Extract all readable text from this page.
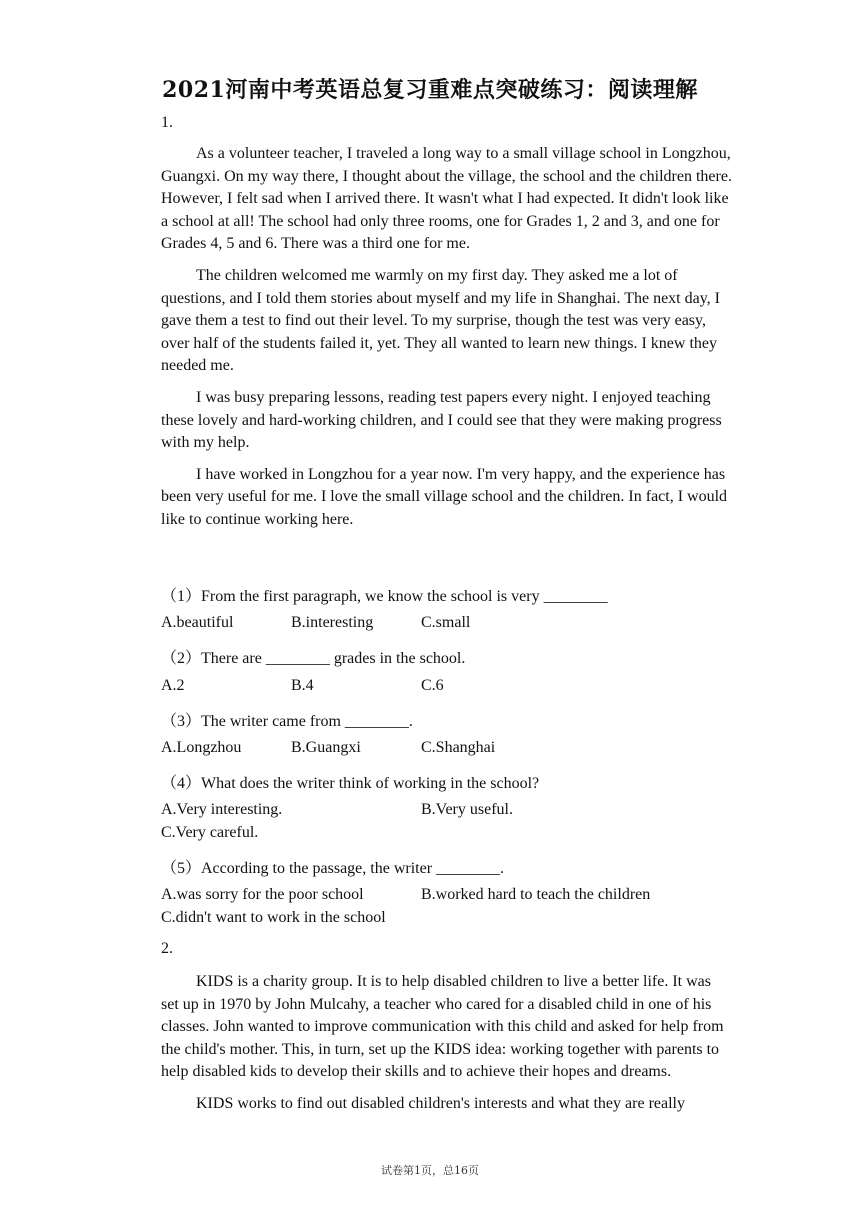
2021河南中考英语总复习重难点突破练习：阅读理解
1.

As a volunteer teacher, I traveled a long way to a small village school in Longzhou, Guangxi. On my way there, I thought about the village, the school and the children there. However, I felt sad when I arrived there. It wasn't what I had expected. It didn't look like a school at all! The school had only three rooms, one for Grades 1, 2 and 3, and one for Grades 4, 5 and 6. There was a third one for me.

The children welcomed me warmly on my first day. They asked me a lot of questions, and I told them stories about myself and my life in Shanghai. The next day, I gave them a test to find out their level. To my surprise, though the test was very easy, over half of the students failed it, yet. They all wanted to learn new things. I knew they needed me.

I was busy preparing lessons, reading test papers every night. I enjoyed teaching these lovely and hard-working children, and I could see that they were making progress with my help.

I have worked in Longzhou for a year now. I'm very happy, and the experience has been very useful for me. I love the small village school and the children. In fact, I would like to continue working here.

（1）From the first paragraph, we know the school is very ________
A.beautiful	B.interesting	C.small
（2）There are ________ grades in the school.
A.2	B.4	C.6
（3）The writer came from ________.
A.Longzhou	B.Guangxi	C.Shanghai
（4）What does the writer think of working in the school?
A.Very interesting.	B.Very useful.
C.Very careful.
（5）According to the passage, the writer ________.
A.was sorry for the poor school	B.worked hard to teach the children
C.didn't want to work in the school
2.

KIDS is a charity group. It is to help disabled children to live a better life. It was set up in 1970 by John Mulcahy, a teacher who cared for a disabled child in one of his classes. John wanted to improve communication with this child and asked for help from the child's mother. This, in turn, set up the KIDS idea: working together with parents to help disabled kids to develop their skills and to achieve their hopes and dreams.

KIDS works to find out disabled children's interests and what they are really

试卷第1页，总16页
